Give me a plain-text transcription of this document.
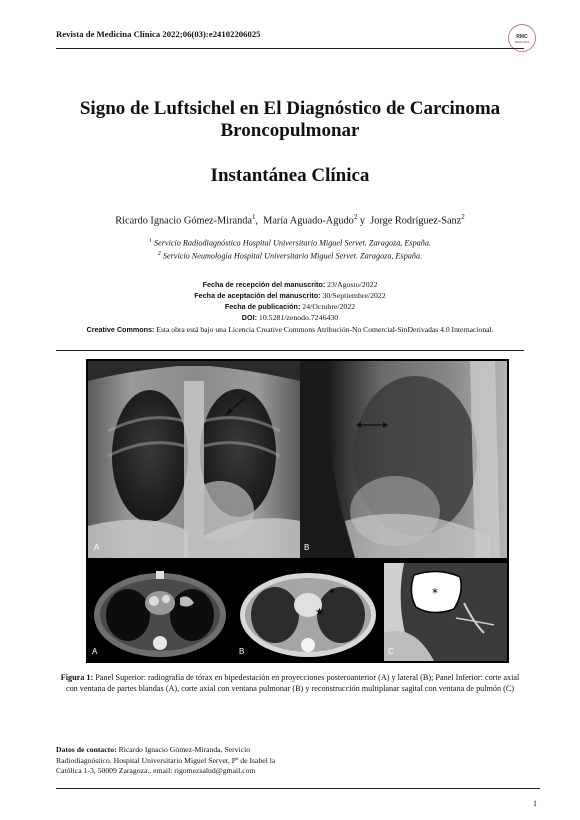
Revista de Medicina Clínica 2022;06(03):e24102206025	RMC
MEDICINA
Signo de Luftsichel en El Diagnóstico de Carcinoma
Broncopulmonar
Instantánea Clínica
Ricardo Ignacio Gómez-Miranda$^1$,  María Aguado-Agudo$^2$ y  Jorge Rodríguez-Sanz$^2$
$^1$ Servicio Radiodiagnóstico Hospital Universitario Miguel Servet. Zaragoza, España.
$^2$ Servicio Neumología Hospital Universitario Miguel Servet. Zaragoza, España.
Fecha de recepción del manuscrito: 23/Agosto/2022
Fecha de aceptación del manuscrito: 30/Septiembre/2022
Fecha de publicación: 24/Octubre/2022
DOI: 10.5281/zenodo.7246430
Creative Commons: Esta obra está bajo una Licencia Creative Commons Atribución-No Comercial-SinDerivadas 4.0 Internacional.
A	B
A
*
★
B
*
C
Figura 1: Panel Superior: radiografía de tórax en bipedestación en proyecciones posteroanterior (A) y lateral (B); Panel Inferior: corte axial con ventana de partes blandas (A), corte axial con ventana pulmonar (B) y reconstrucción multiplanar sagital con ventana de pulmón (C)
Datos de contacto: Ricardo Ignacio Gómez-Miranda, Servicio Radiodiagnóstico. Hospital Universitario Miguel Servet, Pº de Isabel la Católica 1-3, 50009 Zaragoza., email: rigomezsalud@gmail.com
1
